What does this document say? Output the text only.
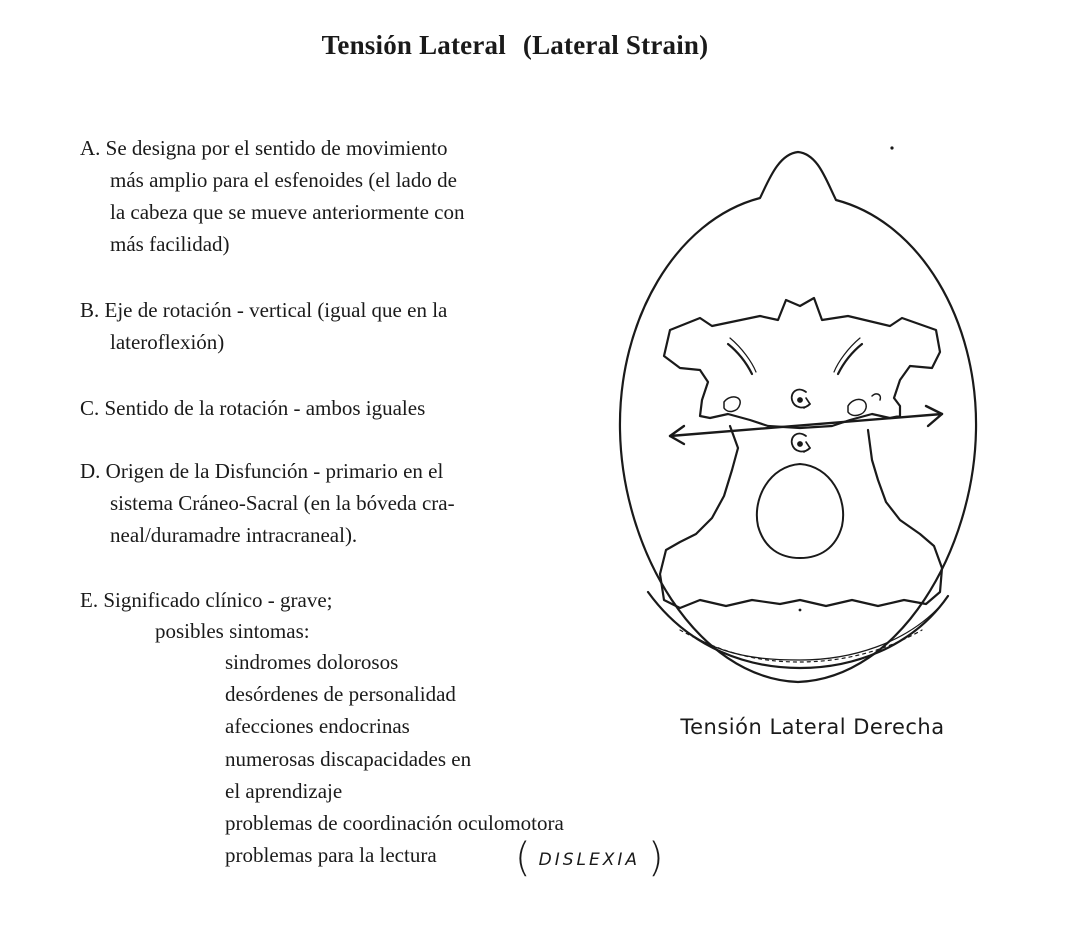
Tensión Lateral (Lateral Strain)
A. Se designa por el sentido de movimiento
más amplio para el esfenoides (el lado de
la cabeza que se mueve anteriormente con
más facilidad)
B. Eje de rotación - vertical (igual que en la
lateroflexión)
C. Sentido de la rotación - ambos iguales
D. Origen de la Disfunción - primario en el
sistema Cráneo-Sacral (en la bóveda cra-
neal/duramadre intracraneal).
E. Significado clínico - grave;
posibles sintomas:
sindromes dolorosos
desórdenes de personalidad
afecciones endocrinas
numerosas discapacidades en
el aprendizaje
problemas de coordinación oculomotora
problemas para la lectura	( DISLEXIA )
Tensión Lateral Derecha
